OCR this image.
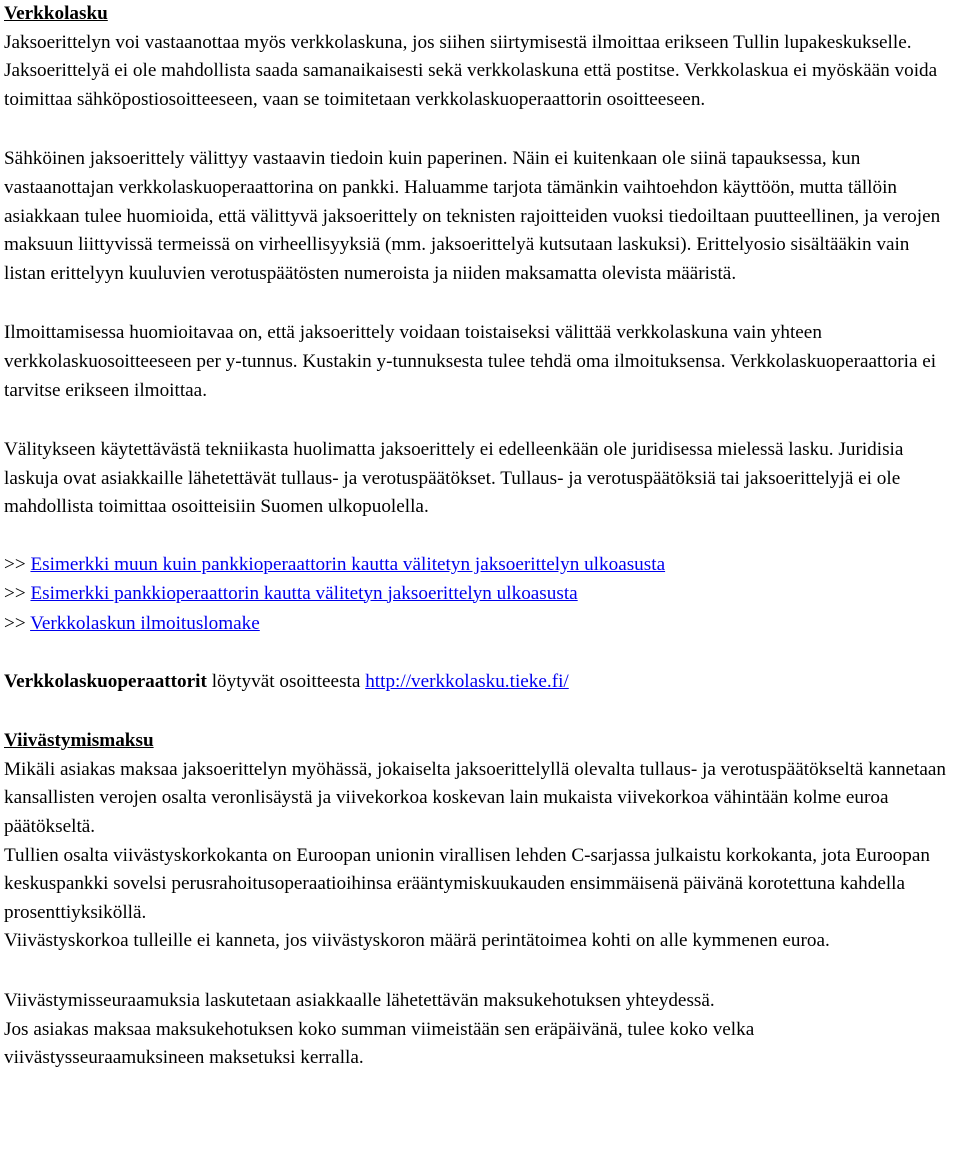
Verkkolasku

Jaksoerittelyn voi vastaanottaa myös verkkolaskuna, jos siihen siirtymisestä ilmoittaa erikseen Tullin lupakeskukselle. Jaksoerittelyä ei ole mahdollista saada samanaikaisesti sekä verkkolaskuna että postitse. Verkkolaskua ei myöskään voida toimittaa sähköpostiosoitteeseen, vaan se toimitetaan verkkolaskuoperaattorin osoitteeseen.

Sähköinen jaksoerittely välittyy vastaavin tiedoin kuin paperinen. Näin ei kuitenkaan ole siinä tapauksessa, kun vastaanottajan verkkolaskuoperaattorina on pankki. Haluamme tarjota tämänkin vaihtoehdon käyttöön, mutta tällöin asiakkaan tulee huomioida, että välittyvä jaksoerittely on teknisten rajoitteiden vuoksi tiedoiltaan puutteellinen, ja verojen maksuun liittyvissä termeissä on virheellisyyksiä (mm. jaksoerittelyä kutsutaan laskuksi). Erittelyosio sisältääkin vain listan erittelyyn kuuluvien verotuspäätösten numeroista ja niiden maksamatta olevista määristä.

Ilmoittamisessa huomioitavaa on, että jaksoerittely voidaan toistaiseksi välittää verkkolaskuna vain yhteen verkkolaskuosoitteeseen per y-tunnus. Kustakin y-tunnuksesta tulee tehdä oma ilmoituksensa. Verkkolaskuoperaattoria ei tarvitse erikseen ilmoittaa.

Välitykseen käytettävästä tekniikasta huolimatta jaksoerittely ei edelleenkään ole juridisessa mielessä lasku. Juridisia laskuja ovat asiakkaille lähetettävät tullaus- ja verotuspäätökset. Tullaus- ja verotuspäätöksiä tai jaksoerittelyjä ei ole mahdollista toimittaa osoitteisiin Suomen ulkopuolella.

>> Esimerkki muun kuin pankkioperaattorin kautta välitetyn jaksoerittelyn ulkoasusta

>> Esimerkki pankkioperaattorin kautta välitetyn jaksoerittelyn ulkoasusta

>> Verkkolaskun ilmoituslomake

Verkkolaskuoperaattorit löytyvät osoitteesta http://verkkolasku.tieke.fi/

Viivästymismaksu

Mikäli asiakas maksaa jaksoerittelyn myöhässä, jokaiselta jaksoerittelyllä olevalta tullaus- ja verotuspäätökseltä kannetaan kansallisten verojen osalta veronlisäystä ja viivekorkoa koskevan lain mukaista viivekorkoa vähintään kolme euroa päätökseltä.

Tullien osalta viivästyskorkokanta on Euroopan unionin virallisen lehden C-sarjassa julkaistu korkokanta, jota Euroopan keskuspankki sovelsi perusrahoitusoperaatioihinsa erääntymiskuukauden ensimmäisenä päivänä korotettuna kahdella prosenttiyksiköllä.

Viivästyskorkoa tulleille ei kanneta, jos viivästyskoron määrä perintätoimea kohti on alle kymmenen euroa.

Viivästymisseuraamuksia laskutetaan asiakkaalle lähetettävän maksukehotuksen yhteydessä.

Jos asiakas maksaa maksukehotuksen koko summan viimeistään sen eräpäivänä, tulee koko velka viivästysseuraamuksineen maksetuksi kerralla.
